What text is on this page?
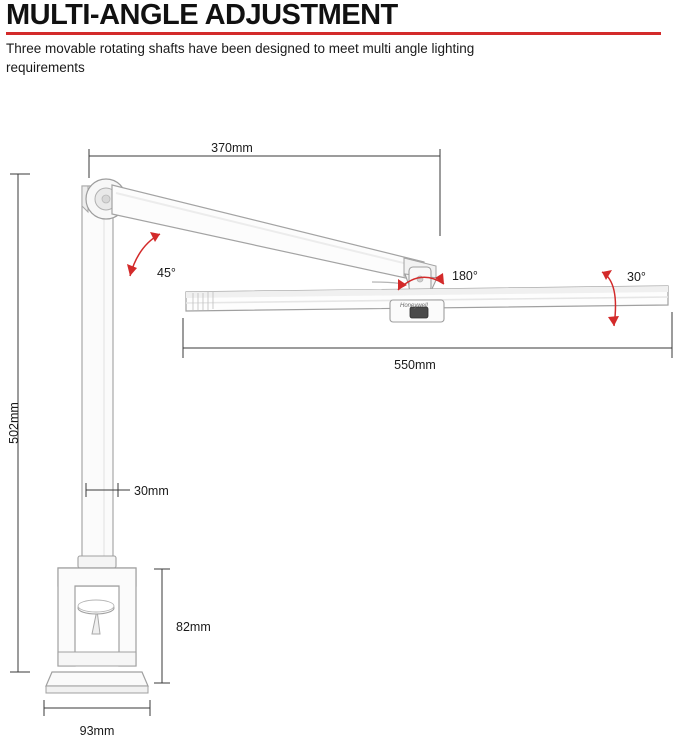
MULTI-ANGLE ADJUSTMENT
Three movable rotating shafts have been designed to meet multi angle lighting requirements
Honeywell
370mm
550mm
502mm
30mm
82mm
93mm
45°	180°	30°
